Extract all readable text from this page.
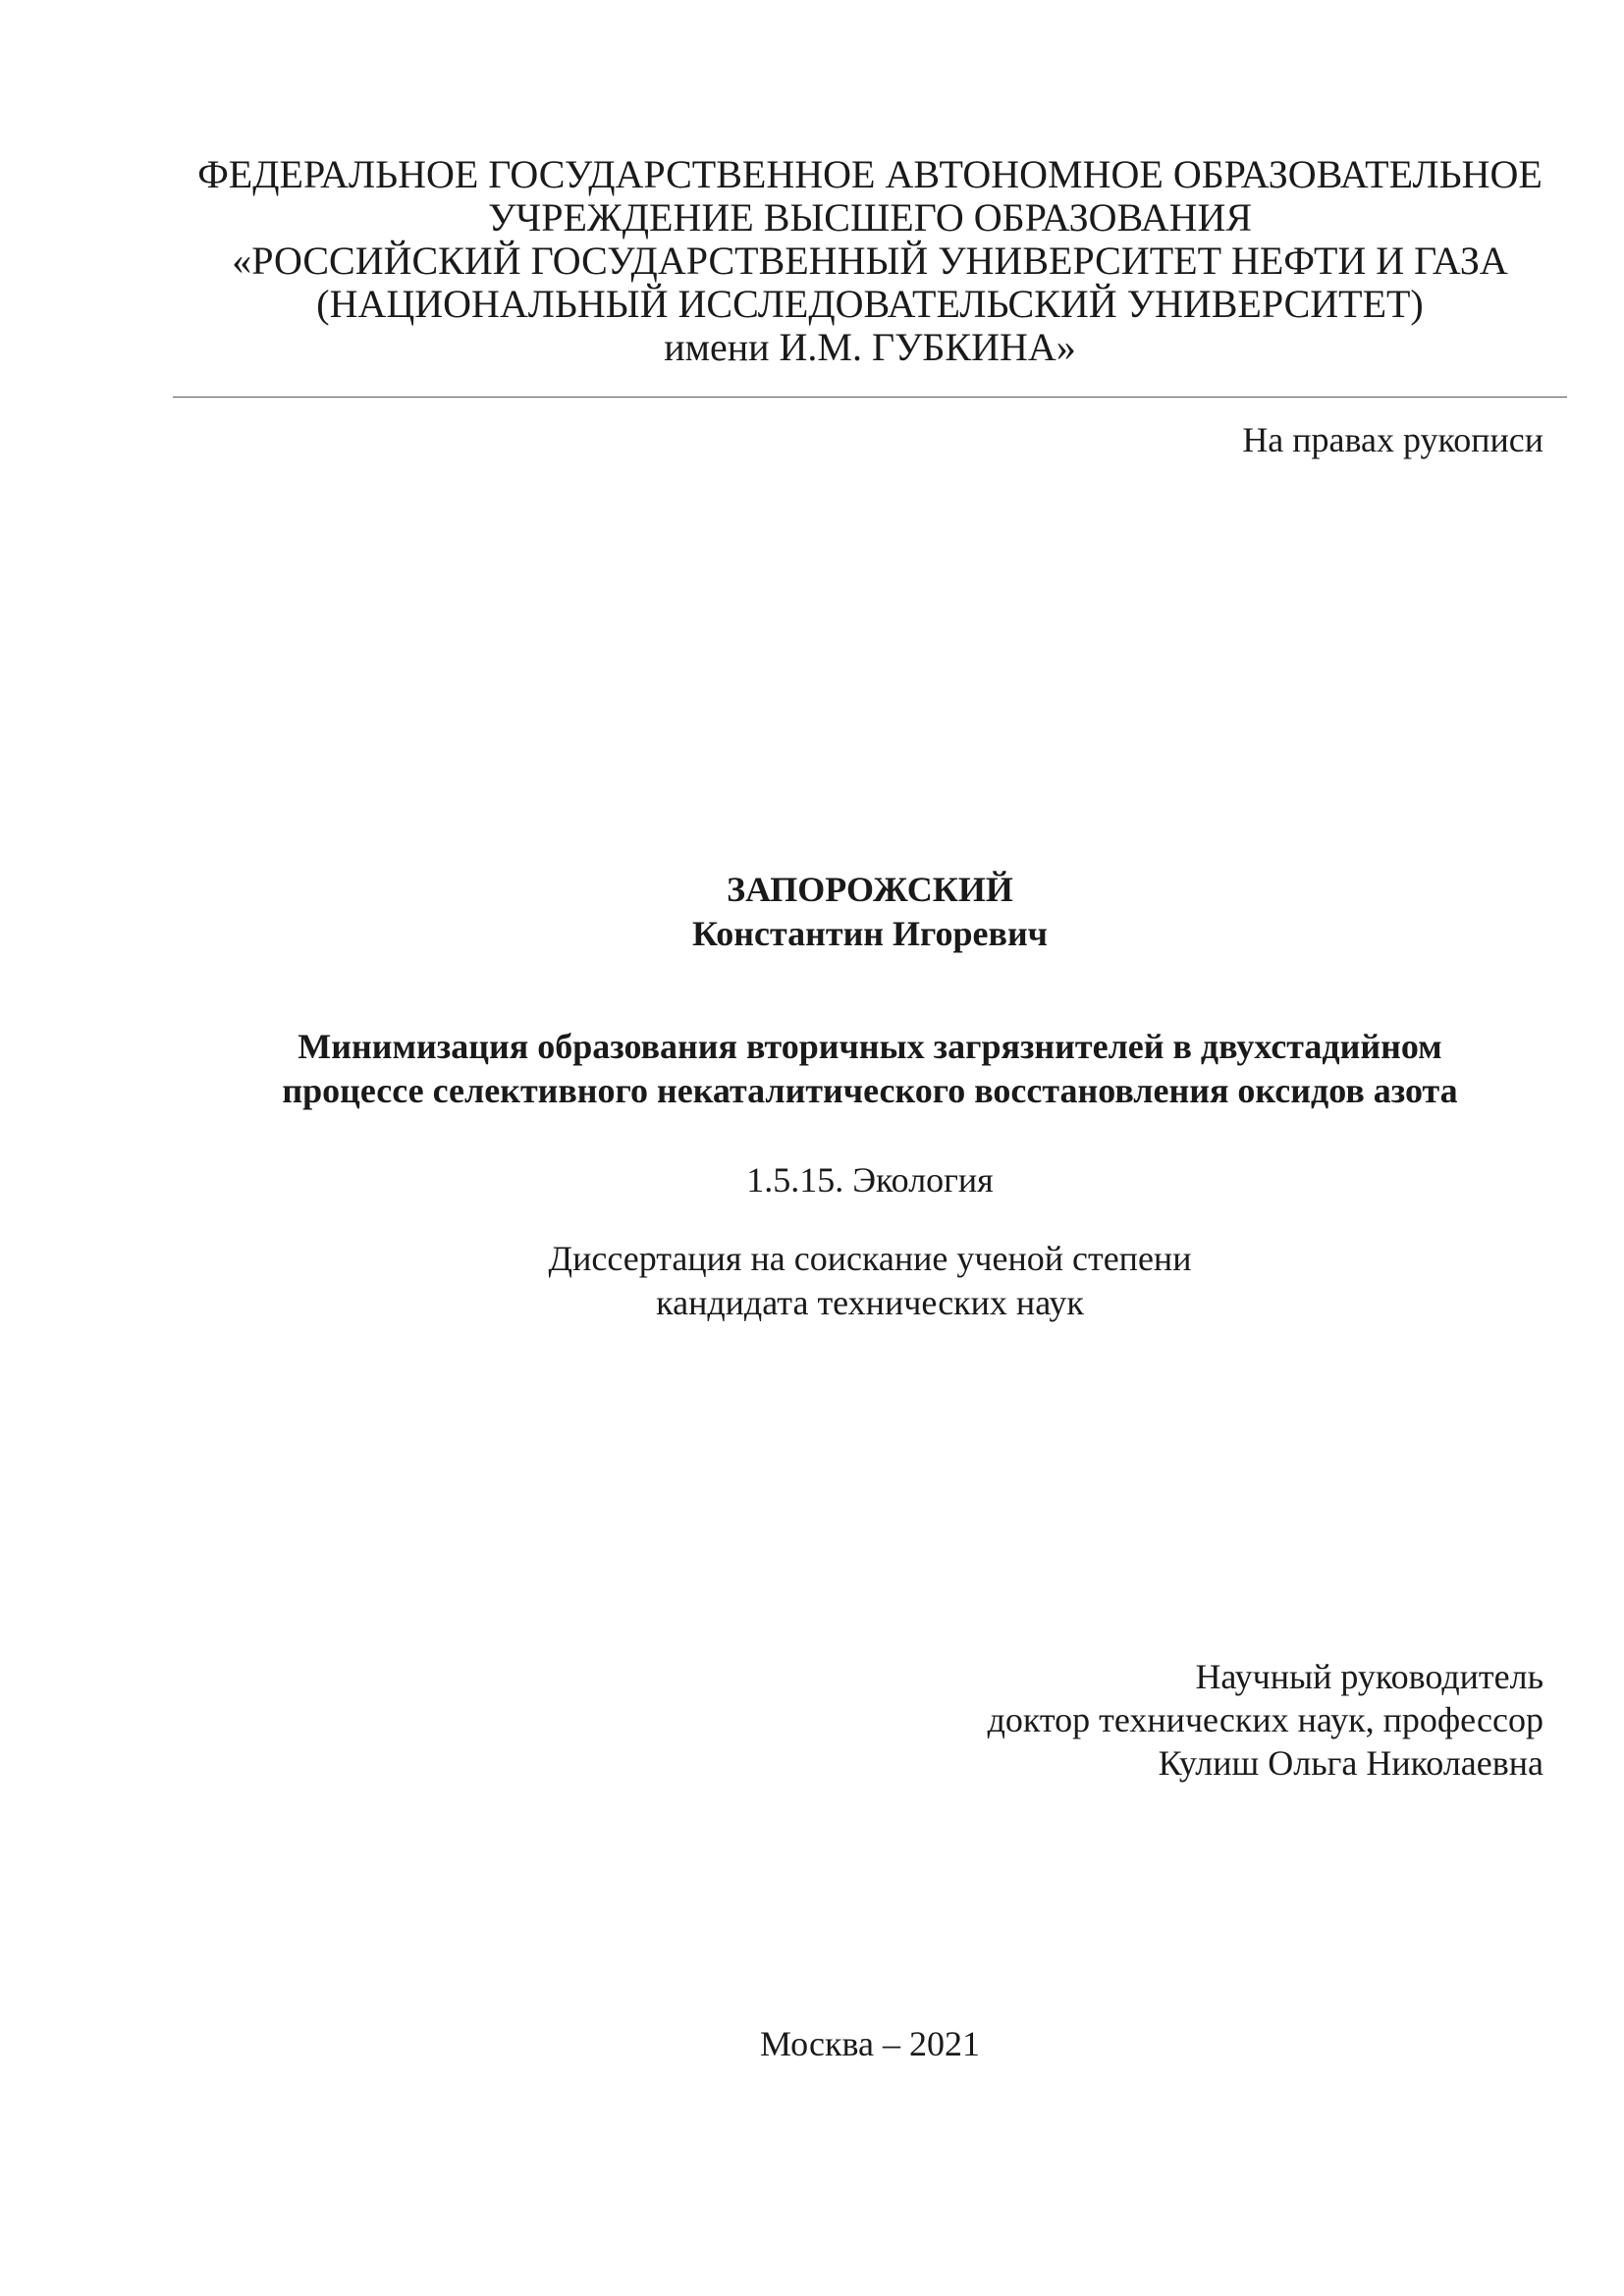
ФЕДЕРАЛЬНОЕ ГОСУДАРСТВЕННОЕ АВТОНОМНОЕ ОБРАЗОВАТЕЛЬНОЕ
УЧРЕЖДЕНИЕ ВЫСШЕГО ОБРАЗОВАНИЯ
«РОССИЙСКИЙ ГОСУДАРСТВЕННЫЙ УНИВЕРСИТЕТ НЕФТИ И ГАЗА
(НАЦИОНАЛЬНЫЙ ИССЛЕДОВАТЕЛЬСКИЙ УНИВЕРСИТЕТ)
имени И.М. ГУБКИНА»
На правах рукописи
ЗАПОРОЖСКИЙ
Константин Игоревич
Минимизация образования вторичных загрязнителей в двухстадийном
процессе селективного некаталитического восстановления оксидов азота
1.5.15. Экология
Диссертация на соискание ученой степени
кандидата технических наук
Научный руководитель
доктор технических наук, профессор
Кулиш Ольга Николаевна
Москва – 2021
